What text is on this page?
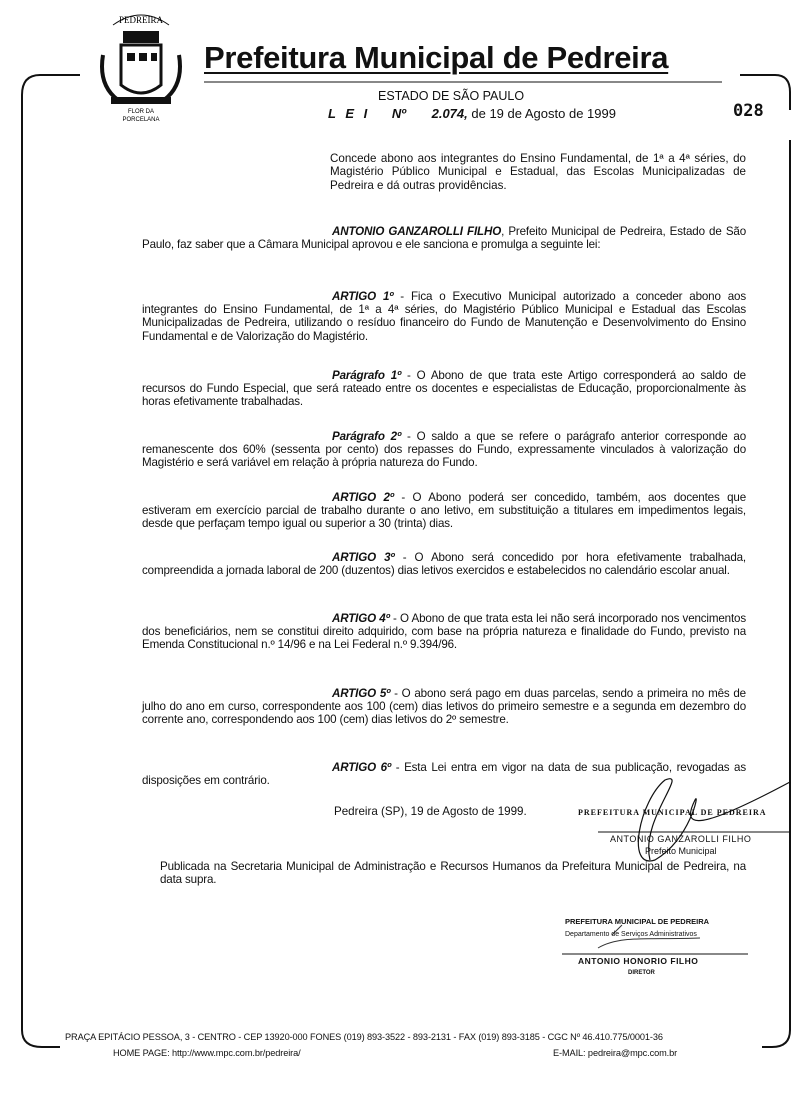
PEDREIRA
FLOR DA
PORCELANA
Prefeitura Municipal de Pedreira
ESTADO DE SÃO PAULO
L E I Nº 2.074, de 19 de Agosto de 1999	028
Concede abono aos integrantes do Ensino Fundamental, de 1ª a 4ª séries, do Magistério Público Municipal e Estadual, das Escolas Municipalizadas de Pedreira e dá outras providências.
ANTONIO GANZAROLLI FILHO, Prefeito Municipal de Pedreira, Estado de São Paulo, faz saber que a Câmara Municipal aprovou e ele sanciona e promulga a seguinte lei:
ARTIGO 1º - Fica o Executivo Municipal autorizado a conceder abono aos integrantes do Ensino Fundamental, de 1ª a 4ª séries, do Magistério Público Municipal e Estadual das Escolas Municipalizadas de Pedreira, utilizando o resíduo financeiro do Fundo de Manutenção e Desenvolvimento do Ensino Fundamental e de Valorização do Magistério.
Parágrafo 1º - O Abono de que trata este Artigo corresponderá ao saldo de recursos do Fundo Especial, que será rateado entre os docentes e especialistas de Educação, proporcionalmente às horas efetivamente trabalhadas.
Parágrafo 2º - O saldo a que se refere o parágrafo anterior corresponde ao remanescente dos 60% (sessenta por cento) dos repasses do Fundo, expressamente vinculados à valorização do Magistério e será variável em relação à própria natureza do Fundo.
ARTIGO 2º - O Abono poderá ser concedido, também, aos docentes que estiveram em exercício parcial de trabalho durante o ano letivo, em substituição a titulares em impedimentos legais, desde que perfaçam tempo igual ou superior a 30 (trinta) dias.
ARTIGO 3º - O Abono será concedido por hora efetivamente trabalhada, compreendida a jornada laboral de 200 (duzentos) dias letivos exercidos e estabelecidos no calendário escolar anual.
ARTIGO 4º - O Abono de que trata esta lei não será incorporado nos vencimentos dos beneficiários, nem se constitui direito adquirido, com base na própria natureza e finalidade do Fundo, previsto na Emenda Constitucional n.º 14/96 e na Lei Federal n.º 9.394/96.
ARTIGO 5º - O abono será pago em duas parcelas, sendo a primeira no mês de julho do ano em curso, correspondente aos 100 (cem) dias letivos do primeiro semestre e a segunda em dezembro do corrente ano, correspondendo aos 100 (cem) dias letivos do 2º semestre.
ARTIGO 6º - Esta Lei entra em vigor na data de sua publicação, revogadas as disposições em contrário.
Pedreira (SP), 19 de Agosto de 1999.	PREFEITURA MUNICIPAL DE PEDREIRA
ANTONIO GANZAROLLI FILHO
Prefeito Municipal
Publicada na Secretaria Municipal de Administração e Recursos Humanos da Prefeitura Municipal de Pedreira, na data supra.
PREFEITURA MUNICIPAL DE PEDREIRA
Departamento de Serviços Administrativos
ANTONIO HONORIO FILHO
DIRETOR
PRAÇA EPITÁCIO PESSOA, 3 - CENTRO - CEP 13920-000 FONES (019) 893-3522 - 893-2131 - FAX (019) 893-3185 - CGC Nº 46.410.775/0001-36
HOME PAGE: http://www.mpc.com.br/pedreira/	E-MAIL: pedreira@mpc.com.br
